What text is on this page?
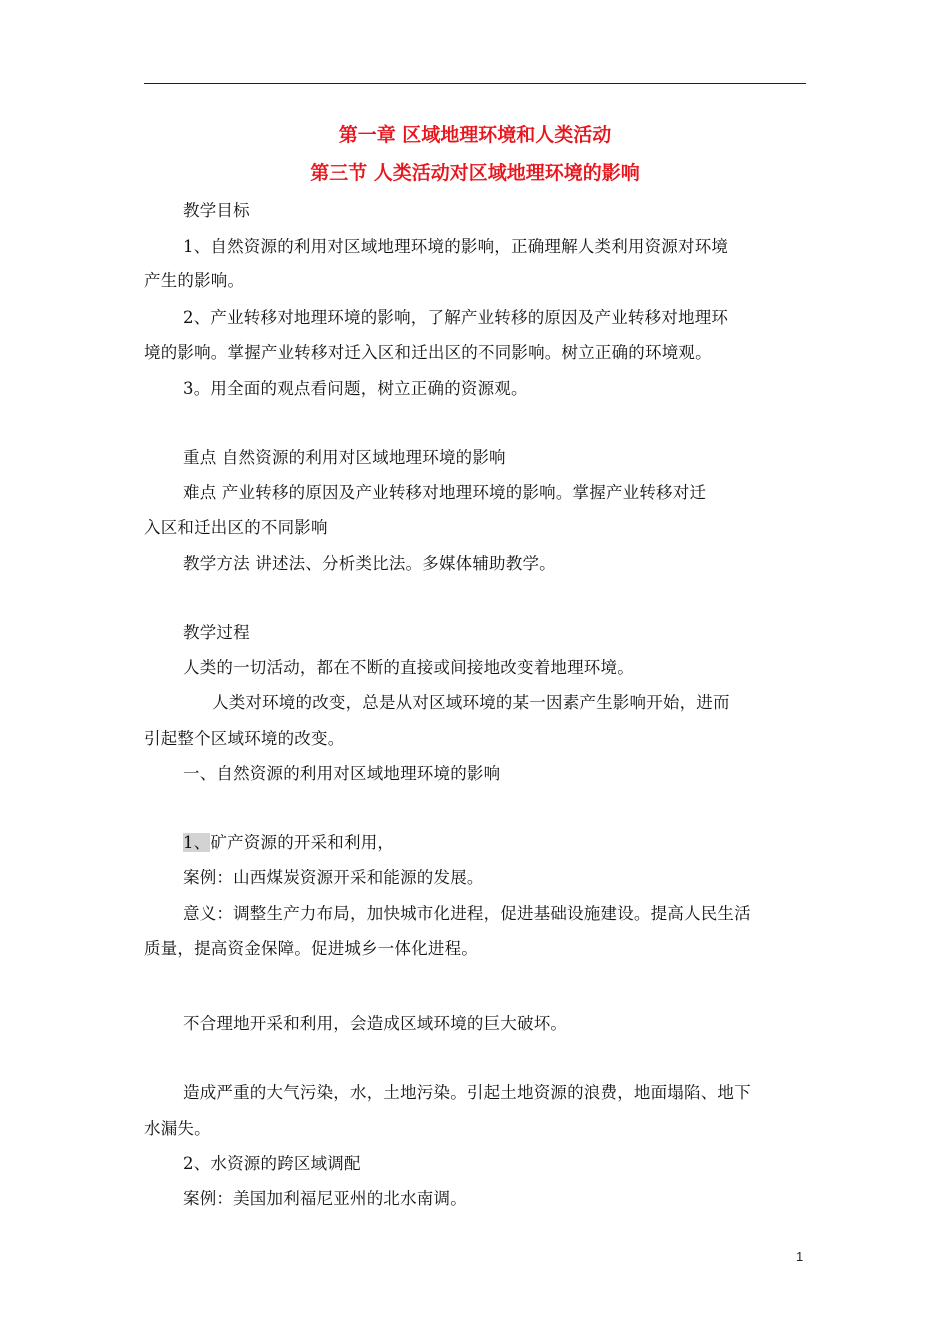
第一章 区域地理环境和人类活动
第三节 人类活动对区域地理环境的影响
教学目标
1、自然资源的利用对区域地理环境的影响，正确理解人类利用资源对环境
产生的影响。
2、产业转移对地理环境的影响，了解产业转移的原因及产业转移对地理环
境的影响。掌握产业转移对迁入区和迁出区的不同影响。树立正确的环境观。
3。用全面的观点看问题，树立正确的资源观。
重点 自然资源的利用对区域地理环境的影响
难点 产业转移的原因及产业转移对地理环境的影响。掌握产业转移对迁
入区和迁出区的不同影响
教学方法 讲述法、分析类比法。多媒体辅助教学。
教学过程
人类的一切活动，都在不断的直接或间接地改变着地理环境。
人类对环境的改变，总是从对区域环境的某一因素产生影响开始，进而
引起整个区域环境的改变。
一、自然资源的利用对区域地理环境的影响
1、矿产资源的开采和利用，
案例：山西煤炭资源开采和能源的发展。
意义：调整生产力布局，加快城市化进程，促进基础设施建设。提高人民生活
质量，提高资金保障。促进城乡一体化进程。
不合理地开采和利用，会造成区域环境的巨大破坏。
造成严重的大气污染，水，土地污染。引起土地资源的浪费，地面塌陷、地下
水漏失。
2、水资源的跨区域调配
案例：美国加利福尼亚州的北水南调。
1
